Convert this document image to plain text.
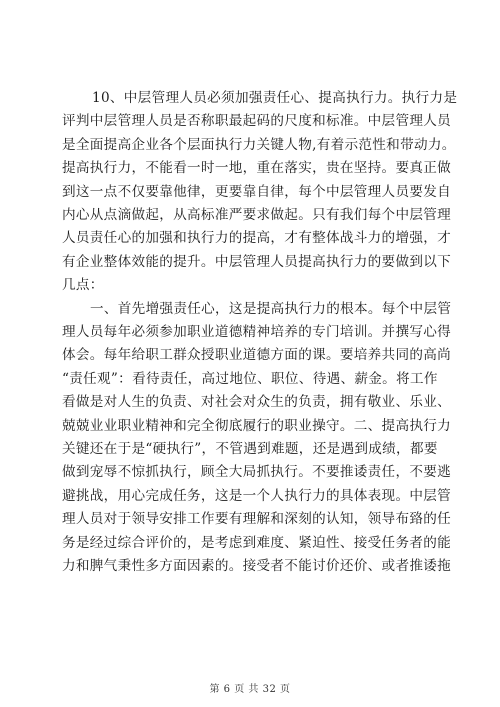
10、中层管理人员必须加强责任心、提高执行力。执行力是
评判中层管理人员是否称职最起码的尺度和标准。中层管理人员
是全面提高企业各个层面执行力关键人物,有着示范性和带动力。
提高执行力，不能看一时一地，重在落实，贵在坚持。要真正做
到这一点不仅要靠他律，更要靠自律，每个中层管理人员要发自
内心从点滴做起，从高标准严要求做起。只有我们每个中层管理
人员责任心的加强和执行力的提高，才有整体战斗力的增强，才
有企业整体效能的提升。中层管理人员提高执行力的要做到以下
几点：
一、首先增强责任心，这是提高执行力的根本。每个中层管
理人员每年必须参加职业道德精神培养的专门培训。并撰写心得
体会。每年给职工群众授职业道德方面的课。要培养共同的高尚
“责任观”：看待责任，高过地位、职位、待遇、薪金。将工作
看做是对人生的负责、对社会对众生的负责，拥有敬业、乐业、
兢兢业业职业精神和完全彻底履行的职业操守。二、提高执行力
关键还在于是“硬执行”，不管遇到难题，还是遇到成绩，都要
做到宠辱不惊抓执行，顾全大局抓执行。不要推诿责任，不要逃
避挑战，用心完成任务，这是一个人执行力的具体表现。中层管
理人员对于领导安排工作要有理解和深刻的认知，领导布臵的任
务是经过综合评价的，是考虑到难度、紧迫性、接受任务者的能
力和脾气秉性多方面因素的。接受者不能讨价还价、或者推诿拖
第 6 页 共 32 页
